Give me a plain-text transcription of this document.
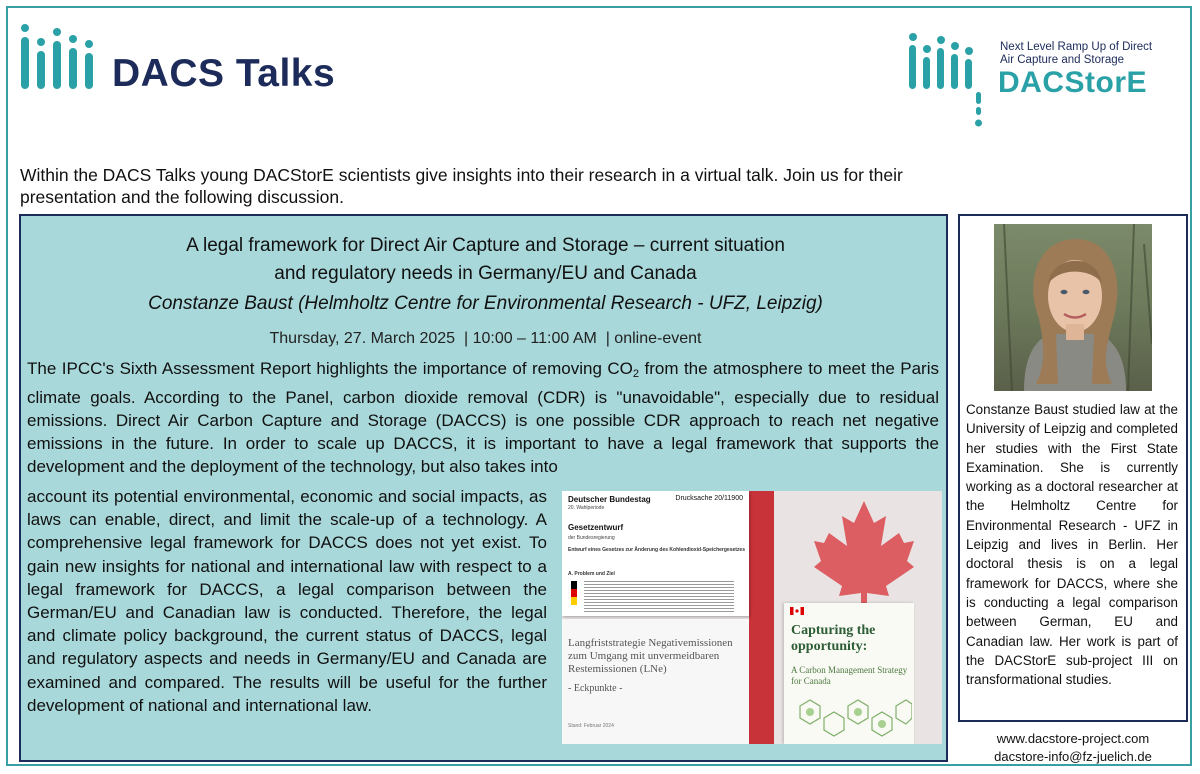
DACS Talks
Next Level Ramp Up of Direct Air Capture and Storage
DACStorE
Within the DACS Talks young DACStorE scientists give insights into their research in a virtual talk. Join us for their presentation and the following discussion.
A legal framework for Direct Air Capture and Storage – current situation
and regulatory needs in Germany/EU and Canada
Constanze Baust (Helmholtz Centre for Environmental Research - UFZ, Leipzig)
Thursday, 27. March 2025  | 10:00 – 11:00 AM  | online-event
The IPCC's Sixth Assessment Report highlights the importance of removing $CO_2$ from the atmosphere to meet the Paris climate goals. According to the Panel, carbon dioxide removal (CDR) is "unavoidable", especially due to residual emissions. Direct Air Carbon Capture and Storage (DACCS) is one possible CDR approach to reach net negative emissions in the future. In order to scale up DACCS, it is important to have a legal framework that supports the development and the deployment of the technology, but also takes into
account its potential environmental, economic and social impacts, as laws can enable, direct, and limit the scale-up of a technology. A comprehensive legal framework for DACCS does not yet exist. To gain new insights for national and international law with respect to a legal framework for DACCS, a legal comparison between the German/EU and Canadian law is conducted. Therefore, the legal and climate policy background, the current status of DACCS, legal and regulatory aspects and needs in Germany/EU and Canada are examined and compared. The results will be useful for the further development of national and international law.
Deutscher Bundestag	Drucksache 20/11900
20. Wahlperiode
Gesetzentwurf
der Bundesregierung
Entwurf eines Gesetzes zur Änderung des Kohlendioxid-Speichergesetzes
A. Problem und Ziel
Langfriststrategie Negativemissionen zum Umgang mit unvermeidbaren Restemissionen (LNe)
- Eckpunkte -
Stand: Februar 2024
Capturing the opportunity:
A Carbon Management Strategy for Canada
Constanze Baust studied law at the University of Leipzig and completed her studies with the First State Examination. She is currently working as a doctoral researcher at the Helmholtz Centre for Environmental Research - UFZ in Leipzig and lives in Berlin. Her doctoral thesis is on a legal framework for DACCS, where she is conducting a legal comparison between German, EU and Canadian law. Her work is part of the DACStorE sub-project III on transformational studies.
www.dacstore-project.com
dacstore-info@fz-juelich.de
